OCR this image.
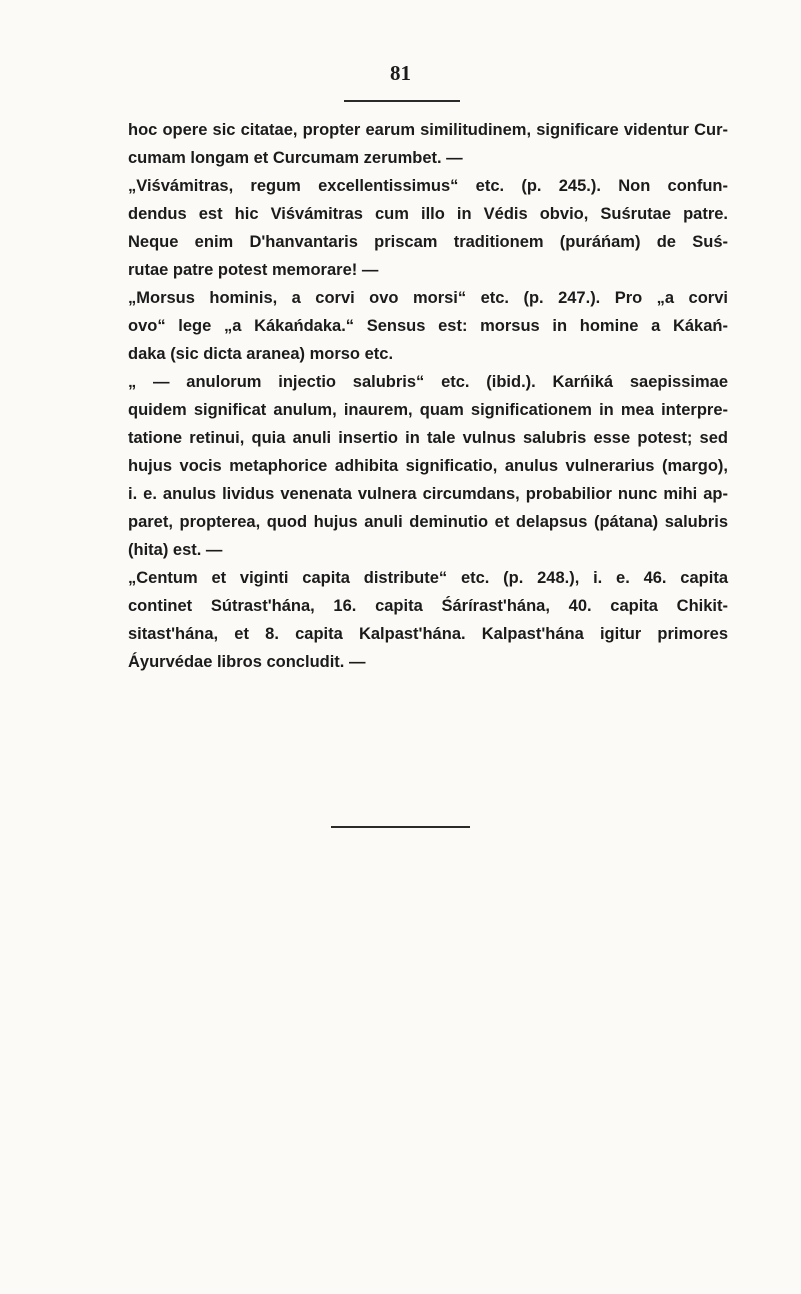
81
hoc opere sic citatae, propter earum similitudinem, significare videntur Cur-
cumam longam et Curcumam zerumbet. —
„Viśvámitras, regum excellentissimus“ etc. (p. 245.). Non confun-
dendus est hic Viśvámitras cum illo in Védis obvio, Suśrutae patre.
Neque enim D'hanvantaris priscam traditionem (puráńam) de Suś-
rutae patre potest memorare! —
„Morsus hominis, a corvi ovo morsi“ etc. (p. 247.). Pro „a corvi
ovo“ lege „a Kákańdaka.“ Sensus est: morsus in homine a Kákań-
daka (sic dicta aranea) morso etc.
„ — anulorum injectio salubris“ etc. (ibid.). Karńiká saepissimae
quidem significat anulum, inaurem, quam significationem in mea interpre-
tatione retinui, quia anuli insertio in tale vulnus salubris esse potest; sed
hujus vocis metaphorice adhibita significatio, anulus vulnerarius (margo),
i. e. anulus lividus venenata vulnera circumdans, probabilior nunc mihi ap-
paret, propterea, quod hujus anuli deminutio et delapsus (pátana) salubris
(hita) est. —
„Centum et viginti capita distribute“ etc. (p. 248.), i. e. 46. capita
continet Sútrast'hána, 16. capita Śárírast'hána, 40. capita Chikit-
sitast'hána, et 8. capita Kalpast'hána. Kalpast'hána igitur primores
Áyurvédae libros concludit. —
